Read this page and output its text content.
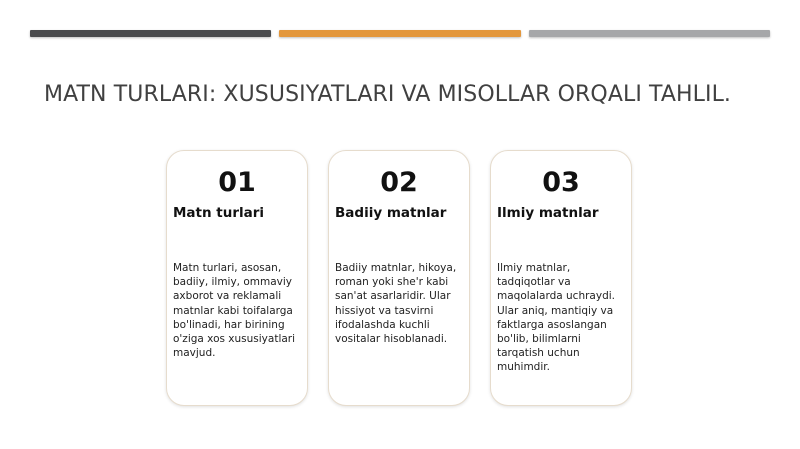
MATN TURLARI: XUSUSIYATLARI VA MISOLLAR ORQALI TAHLIL.
01
Matn turlari
Matn turlari, asosan, badiiy, ilmiy, ommaviy axborot va reklamali matnlar kabi toifalarga bo'linadi, har birining o'ziga xos xususiyatlari mavjud.
02
Badiiy matnlar
Badiiy matnlar, hikoya, roman yoki she'r kabi san'at asarlaridir. Ular hissiyot va tasvirni ifodalashda kuchli vositalar hisoblanadi.
03
Ilmiy matnlar
Ilmiy matnlar, tadqiqotlar va maqolalarda uchraydi. Ular aniq, mantiqiy va faktlarga asoslangan bo'lib, bilimlarni tarqatish uchun muhimdir.
